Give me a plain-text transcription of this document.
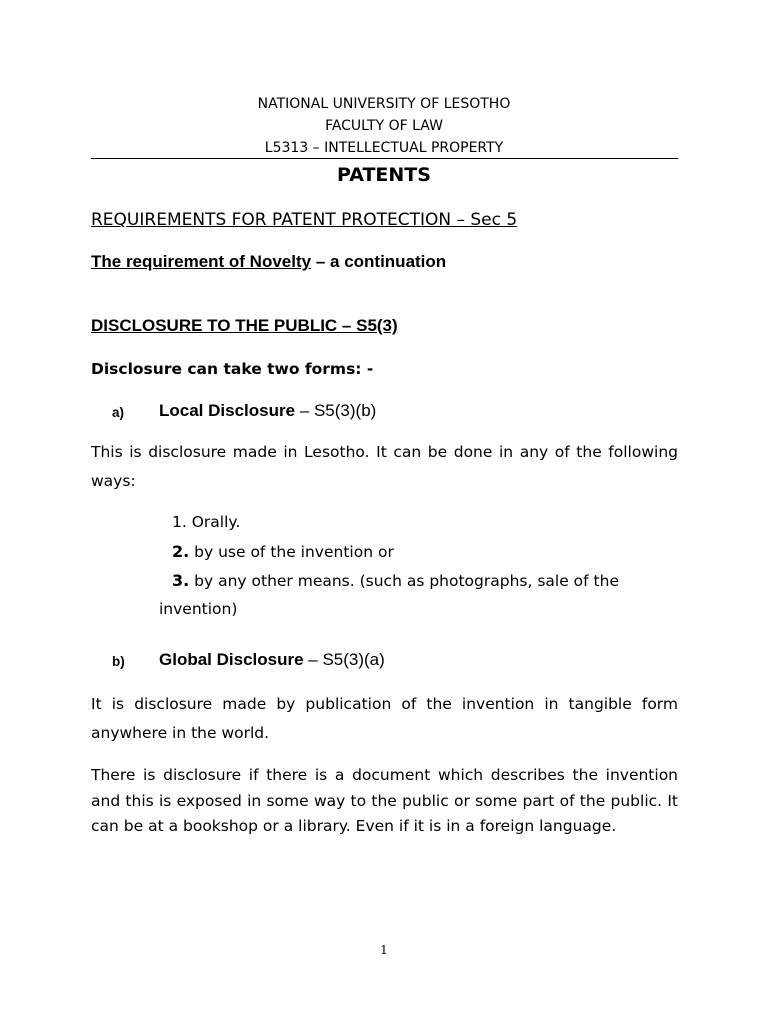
NATIONAL UNIVERSITY OF LESOTHO
FACULTY OF LAW
L5313 – INTELLECTUAL PROPERTY
PATENTS
REQUIREMENTS FOR PATENT PROTECTION – Sec 5
The requirement of Novelty – a continuation
DISCLOSURE TO THE PUBLIC – S5(3)
Disclosure can take two forms: -
a) Local Disclosure – S5(3)(b)
This is disclosure made in Lesotho. It can be done in any of the following ways:
1. Orally.
2. by use of the invention or
3. by any other means. (such as photographs, sale of the
invention)
b) Global Disclosure – S5(3)(a)
It is disclosure made by publication of the invention in tangible form anywhere in the world.
There is disclosure if there is a document which describes the invention and this is exposed in some way to the public or some part of the public. It can be at a bookshop or a library. Even if it is in a foreign language.
1
